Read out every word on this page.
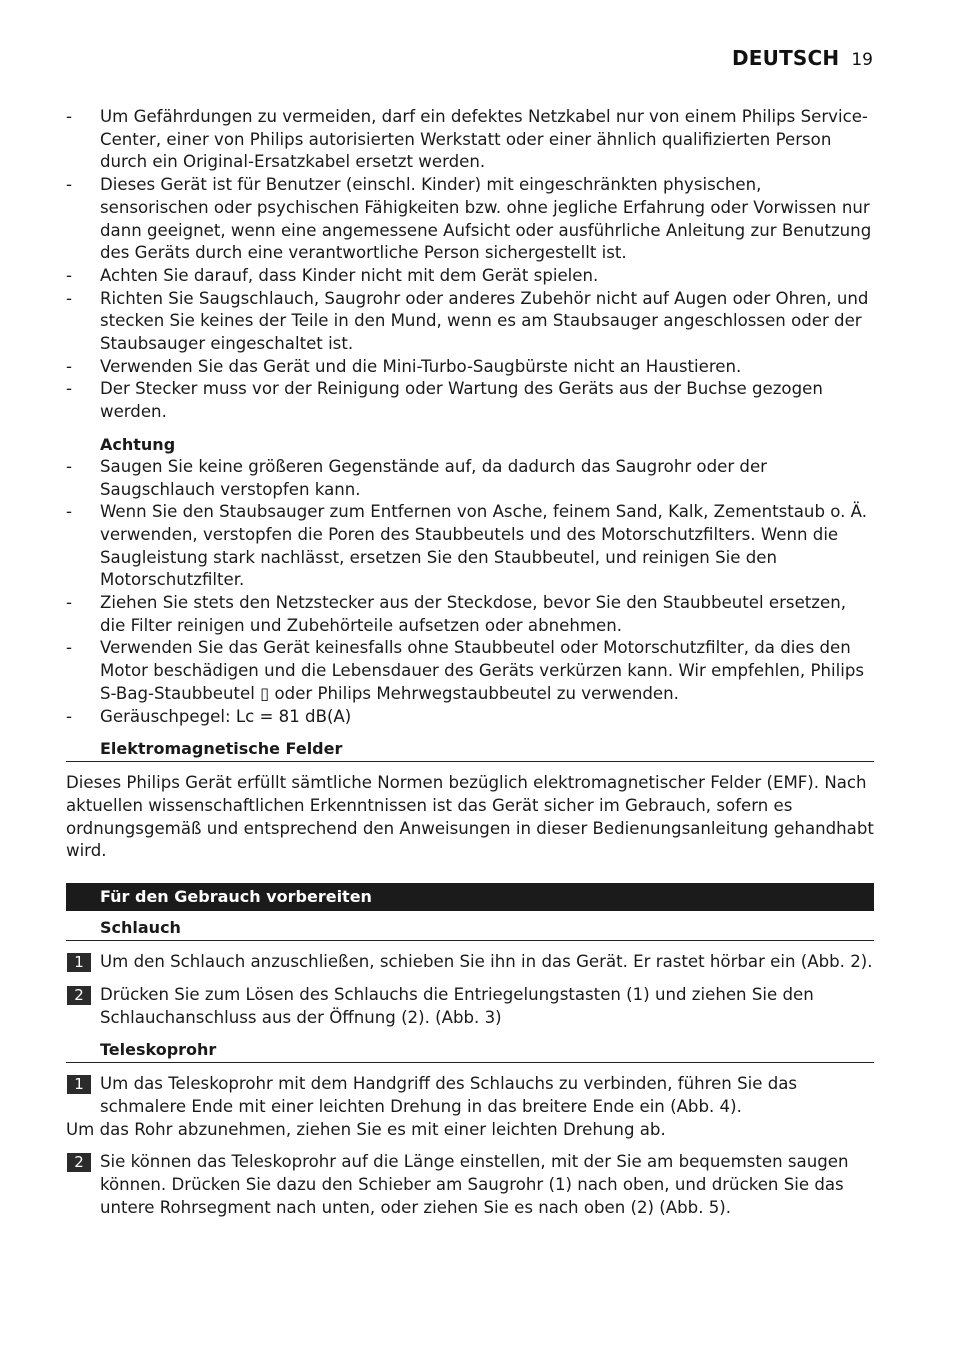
DEUTSCH 19
- Um Gefährdungen zu vermeiden, darf ein defektes Netzkabel nur von einem Philips Service-Center, einer von Philips autorisierten Werkstatt oder einer ähnlich qualifizierten Person durch ein Original-Ersatzkabel ersetzt werden.
- Dieses Gerät ist für Benutzer (einschl. Kinder) mit eingeschränkten physischen, sensorischen oder psychischen Fähigkeiten bzw. ohne jegliche Erfahrung oder Vorwissen nur dann geeignet, wenn eine angemessene Aufsicht oder ausführliche Anleitung zur Benutzung des Geräts durch eine verantwortliche Person sichergestellt ist.
- Achten Sie darauf, dass Kinder nicht mit dem Gerät spielen.
- Richten Sie Saugschlauch, Saugrohr oder anderes Zubehör nicht auf Augen oder Ohren, und stecken Sie keines der Teile in den Mund, wenn es am Staubsauger angeschlossen oder der Staubsauger eingeschaltet ist.
- Verwenden Sie das Gerät und die Mini-Turbo-Saugbürste nicht an Haustieren.
- Der Stecker muss vor der Reinigung oder Wartung des Geräts aus der Buchse gezogen werden.
Achtung
- Saugen Sie keine größeren Gegenstände auf, da dadurch das Saugrohr oder der Saugschlauch verstopfen kann.
- Wenn Sie den Staubsauger zum Entfernen von Asche, feinem Sand, Kalk, Zementstaub o. Ä. verwenden, verstopfen die Poren des Staubbeutels und des Motorschutzfilters. Wenn die Saugleistung stark nachlässt, ersetzen Sie den Staubbeutel, und reinigen Sie den Motorschutzfilter.
- Ziehen Sie stets den Netzstecker aus der Steckdose, bevor Sie den Staubbeutel ersetzen, die Filter reinigen und Zubehörteile aufsetzen oder abnehmen.
- Verwenden Sie das Gerät keinesfalls ohne Staubbeutel oder Motorschutzfilter, da dies den Motor beschädigen und die Lebensdauer des Geräts verkürzen kann. Wir empfehlen, Philips S-Bag-Staubbeutel ▯ oder Philips Mehrwegstaubbeutel zu verwenden.
- Geräuschpegel: Lc = 81 dB(A)
Elektromagnetische Felder
Dieses Philips Gerät erfüllt sämtliche Normen bezüglich elektromagnetischer Felder (EMF). Nach aktuellen wissenschaftlichen Erkenntnissen ist das Gerät sicher im Gebrauch, sofern es ordnungsgemäß und entsprechend den Anweisungen in dieser Bedienungsanleitung gehandhabt wird.
Für den Gebrauch vorbereiten
Schlauch
1 Um den Schlauch anzuschließen, schieben Sie ihn in das Gerät. Er rastet hörbar ein (Abb. 2).
2 Drücken Sie zum Lösen des Schlauchs die Entriegelungstasten (1) und ziehen Sie den Schlauchanschluss aus der Öffnung (2). (Abb. 3)
Teleskoprohr
1 Um das Teleskoprohr mit dem Handgriff des Schlauchs zu verbinden, führen Sie das schmalere Ende mit einer leichten Drehung in das breitere Ende ein (Abb. 4).
Um das Rohr abzunehmen, ziehen Sie es mit einer leichten Drehung ab.
2 Sie können das Teleskoprohr auf die Länge einstellen, mit der Sie am bequemsten saugen können. Drücken Sie dazu den Schieber am Saugrohr (1) nach oben, und drücken Sie das untere Rohrsegment nach unten, oder ziehen Sie es nach oben (2) (Abb. 5).
